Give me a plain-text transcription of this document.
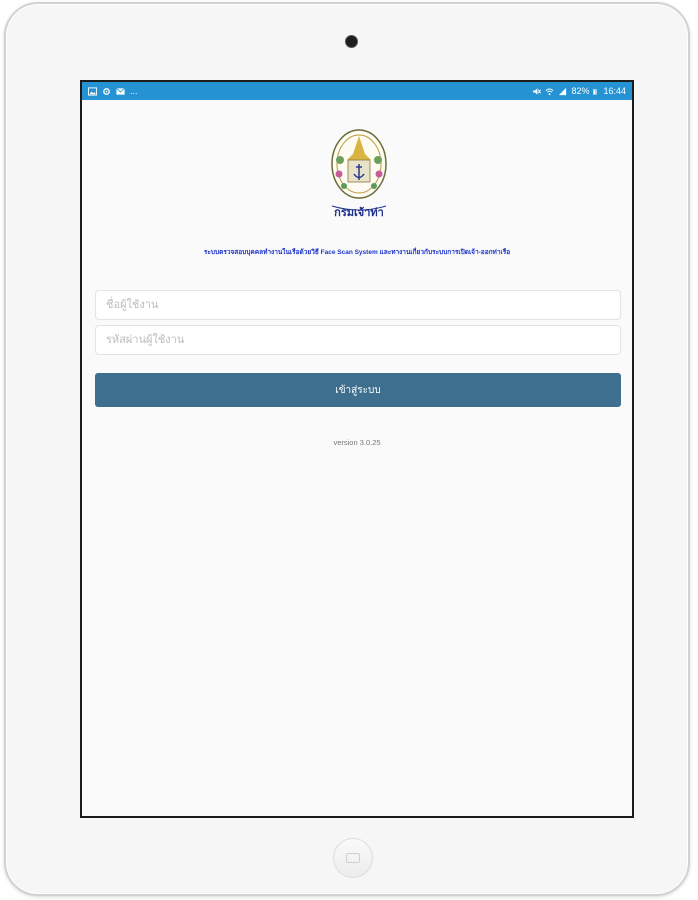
...	82% 16:44
กรมเจ้าท่า
ระบบตรวจสอบบุคคลทำงานในเรือด้วยวิธี Face Scan System และทางานเกี่ยวกับระบบการเปิดเจ้า-ออกท่าเรือ
ชื่อผู้ใช้งาน
เข้าสู่ระบบ
version 3.0.25
